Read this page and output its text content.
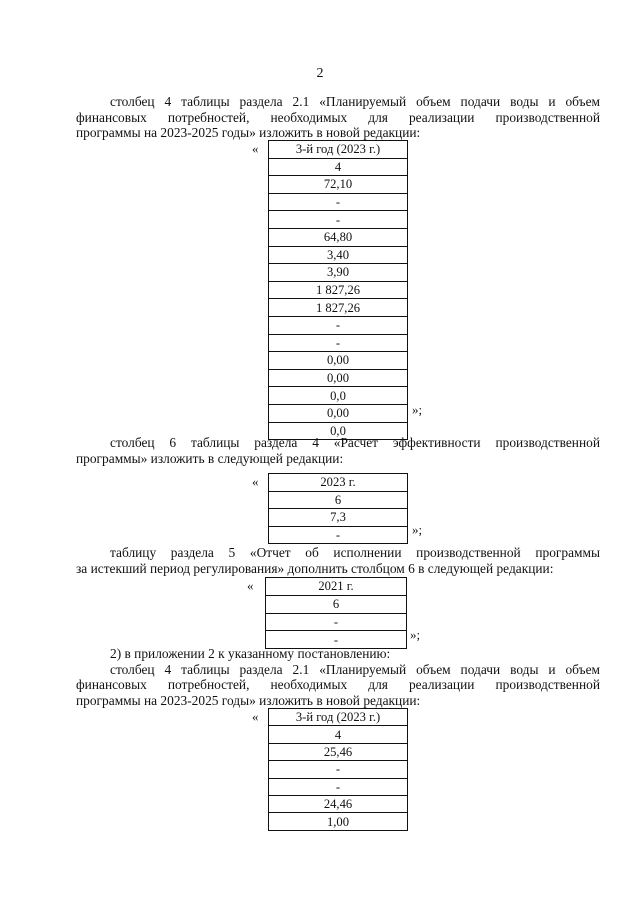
2
столбец 4 таблицы раздела 2.1 «Планируемый объем подачи воды и объем
финансовых потребностей, необходимых для реализации производственной
программы на 2023-2025 годы» изложить в новой редакции:
«	3-й год (2023 г.)
4
72,10
-
-
64,80
3,40
3,90
1 827,26
1 827,26
-
-
0,00
0,00
0,0
0,00
0,0
»;
столбец 6 таблицы раздела 4 «Расчет эффективности производственной
программы» изложить в следующей редакции:
«	2023 г.
6
7,3
-	»;
таблицу раздела 5 «Отчет об исполнении производственной программы
за истекший период регулирования» дополнить столбцом 6 в следующей редакции:
«	2021 г.
6
-
-	»;
2) в приложении 2 к указанному постановлению:
столбец 4 таблицы раздела 2.1 «Планируемый объем подачи воды и объем
финансовых потребностей, необходимых для реализации производственной
программы на 2023-2025 годы» изложить в новой редакции:
«	3-й год (2023 г.)
4
25,46
-
-
24,46
1,00
